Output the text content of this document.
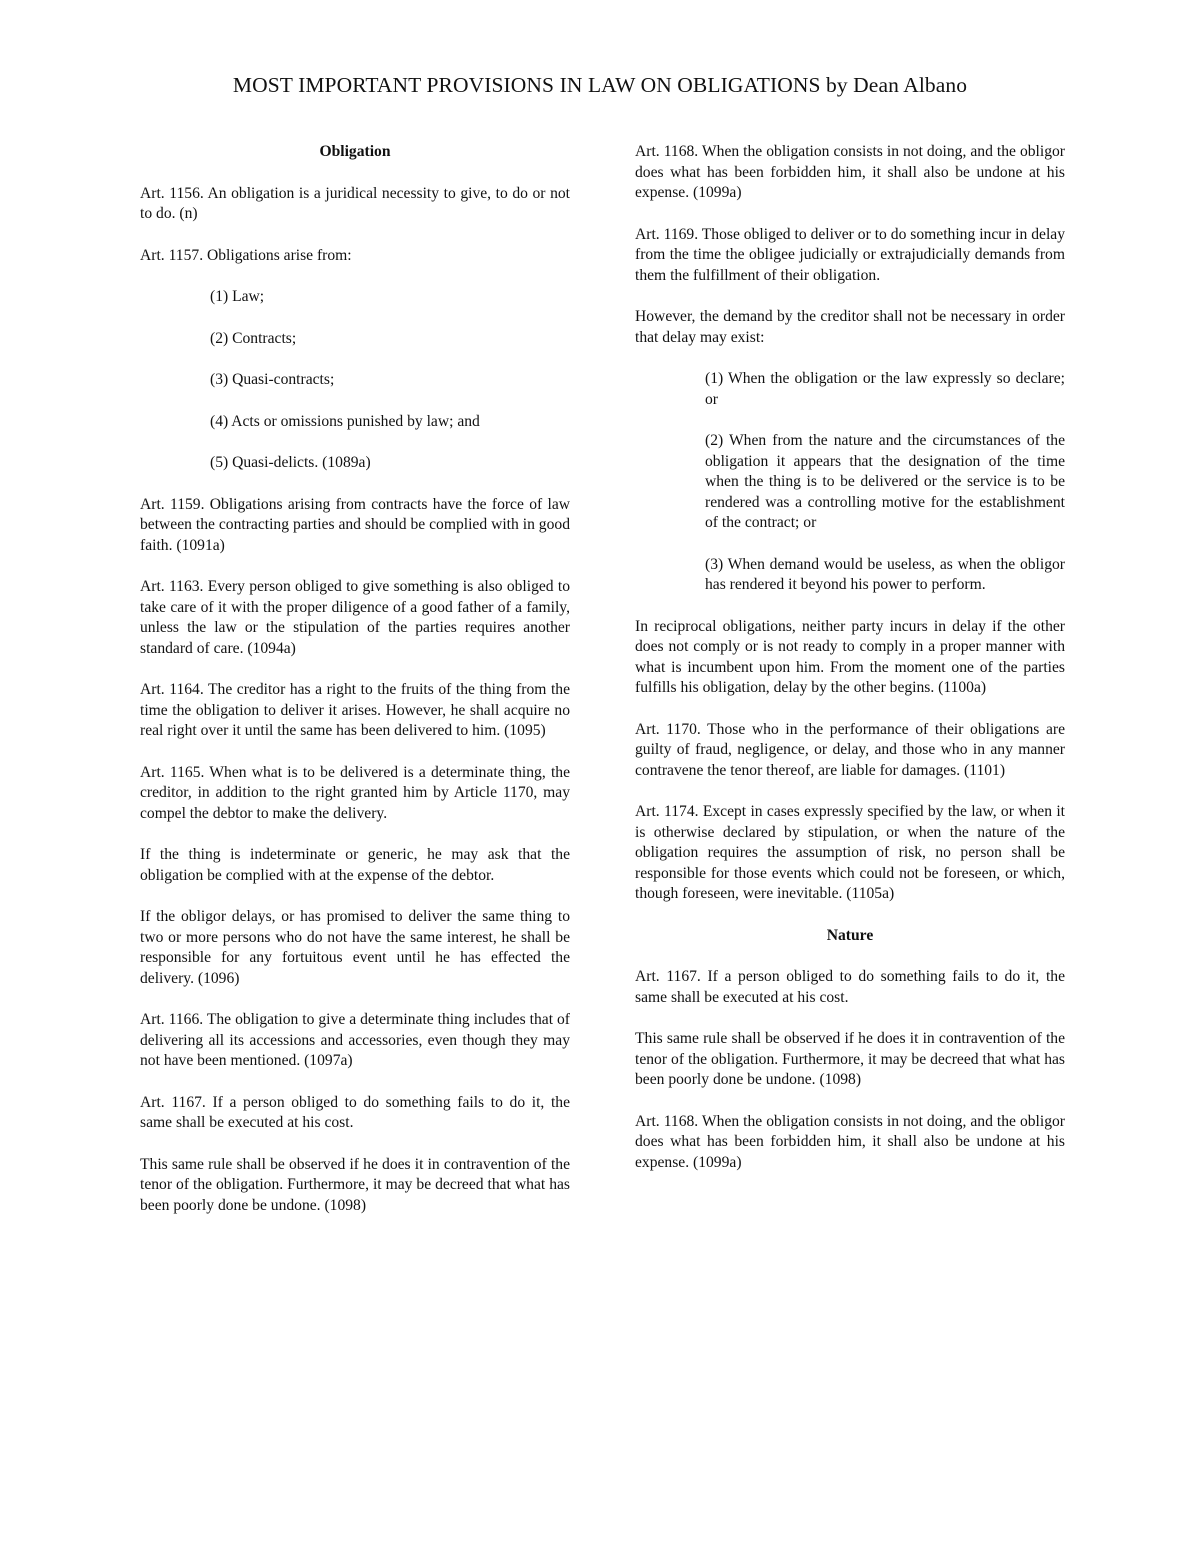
MOST IMPORTANT PROVISIONS IN LAW ON OBLIGATIONS by Dean Albano
Obligation

Art. 1156. An obligation is a juridical necessity to give, to do or not to do. (n)

Art. 1157. Obligations arise from:

(1) Law;

(2) Contracts;

(3) Quasi-contracts;

(4) Acts or omissions punished by law; and

(5) Quasi-delicts. (1089a)

Art. 1159. Obligations arising from contracts have the force of law between the contracting parties and should be complied with in good faith. (1091a)

Art. 1163. Every person obliged to give something is also obliged to take care of it with the proper diligence of a good father of a family, unless the law or the stipulation of the parties requires another standard of care. (1094a)

Art. 1164. The creditor has a right to the fruits of the thing from the time the obligation to deliver it arises. However, he shall acquire no real right over it until the same has been delivered to him. (1095)

Art. 1165. When what is to be delivered is a determinate thing, the creditor, in addition to the right granted him by Article 1170, may compel the debtor to make the delivery.

If the thing is indeterminate or generic, he may ask that the obligation be complied with at the expense of the debtor.

If the obligor delays, or has promised to deliver the same thing to two or more persons who do not have the same interest, he shall be responsible for any fortuitous event until he has effected the delivery. (1096)

Art. 1166. The obligation to give a determinate thing includes that of delivering all its accessions and accessories, even though they may not have been mentioned. (1097a)

Art. 1167. If a person obliged to do something fails to do it, the same shall be executed at his cost.

This same rule shall be observed if he does it in contravention of the tenor of the obligation. Furthermore, it may be decreed that what has been poorly done be undone. (1098)

Art. 1168. When the obligation consists in not doing, and the obligor does what has been forbidden him, it shall also be undone at his expense. (1099a)

Art. 1169. Those obliged to deliver or to do something incur in delay from the time the obligee judicially or extrajudicially demands from them the fulfillment of their obligation.

However, the demand by the creditor shall not be necessary in order that delay may exist:

(1) When the obligation or the law expressly so declare; or

(2) When from the nature and the circumstances of the obligation it appears that the designation of the time when the thing is to be delivered or the service is to be rendered was a controlling motive for the establishment of the contract; or

(3) When demand would be useless, as when the obligor has rendered it beyond his power to perform.

In reciprocal obligations, neither party incurs in delay if the other does not comply or is not ready to comply in a proper manner with what is incumbent upon him. From the moment one of the parties fulfills his obligation, delay by the other begins. (1100a)

Art. 1170. Those who in the performance of their obligations are guilty of fraud, negligence, or delay, and those who in any manner contravene the tenor thereof, are liable for damages. (1101)

Art. 1174. Except in cases expressly specified by the law, or when it is otherwise declared by stipulation, or when the nature of the obligation requires the assumption of risk, no person shall be responsible for those events which could not be foreseen, or which, though foreseen, were inevitable. (1105a)

Nature

Art. 1167. If a person obliged to do something fails to do it, the same shall be executed at his cost.

This same rule shall be observed if he does it in contravention of the tenor of the obligation. Furthermore, it may be decreed that what has been poorly done be undone. (1098)

Art. 1168. When the obligation consists in not doing, and the obligor does what has been forbidden him, it shall also be undone at his expense. (1099a)
